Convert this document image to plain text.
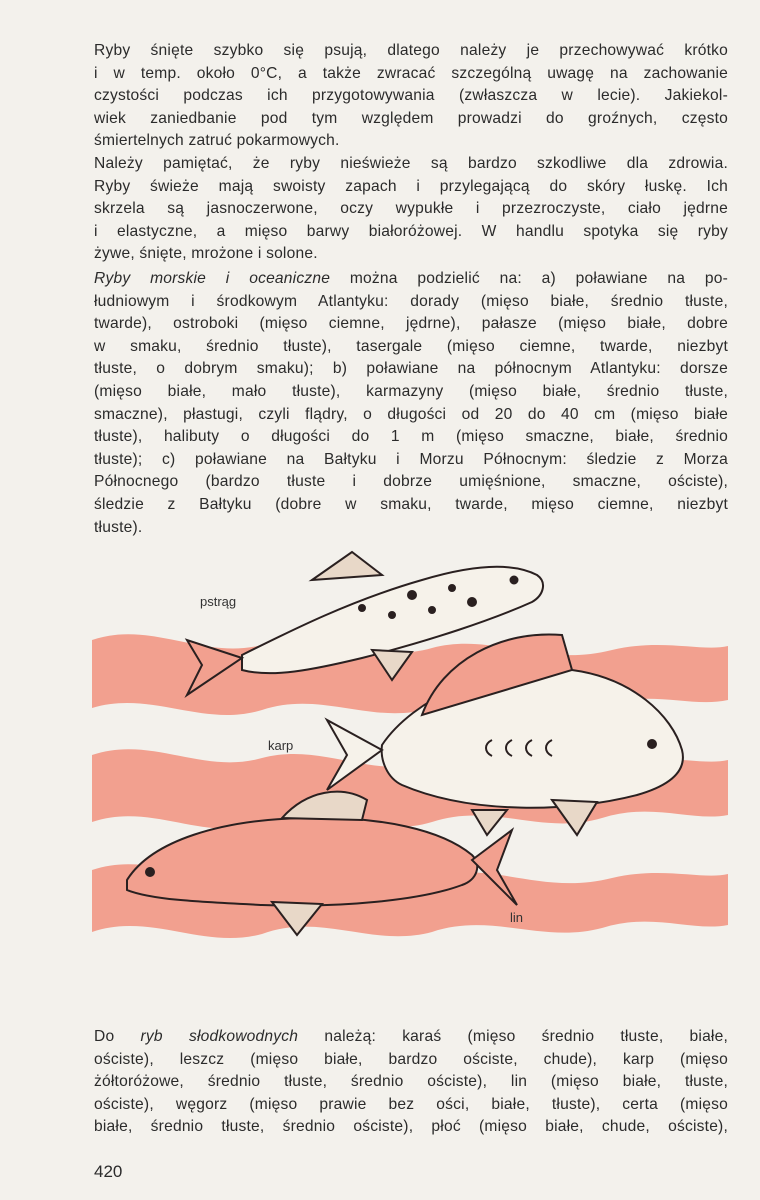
Ryby śnięte szybko się psują, dlatego należy je przechowywać krótko
i w temp. około 0°C, a także zwracać szczególną uwagę na zachowanie
czystości podczas ich przygotowywania (zwłaszcza w lecie). Jakiekol-
wiek zaniedbanie pod tym względem prowadzi do groźnych, często
śmiertelnych zatruć pokarmowych.
Należy pamiętać, że ryby nieświeże są bardzo szkodliwe dla zdrowia.
Ryby świeże mają swoisty zapach i przylegającą do skóry łuskę. Ich
skrzela są jasnoczerwone, oczy wypukłe i przezroczyste, ciało jędrne
i elastyczne, a mięso barwy białoróżowej. W handlu spotyka się ryby
żywe, śnięte, mrożone i solone.

Ryby morskie i oceaniczne można podzielić na: a) poławiane na po-
łudniowym i środkowym Atlantyku: dorady (mięso białe, średnio tłuste,
twarde), ostroboki (mięso ciemne, jędrne), pałasze (mięso białe, dobre
w smaku, średnio tłuste), tasergale (mięso ciemne, twarde, niezbyt
tłuste, o dobrym smaku); b) poławiane na północnym Atlantyku: dorsze
(mięso białe, mało tłuste), karmazyny (mięso białe, średnio tłuste,
smaczne), płastugi, czyli flądry, o długości od 20 do 40 cm (mięso białe
tłuste), halibuty o długości do 1 m (mięso smaczne, białe, średnio
tłuste); c) poławiane na Bałtyku i Morzu Północnym: śledzie z Morza
Północnego (bardzo tłuste i dobrze umięśnione, smaczne, ościste),
śledzie z Bałtyku (dobre w smaku, twarde, mięso ciemne, niezbyt
tłuste).

pstrąg
karp
lin

Do ryb słodkowodnych należą: karaś (mięso średnio tłuste, białe,
ościste), leszcz (mięso białe, bardzo ościste, chude), karp (mięso
żółtoróżowe, średnio tłuste, średnio ościste), lin (mięso białe, tłuste,
ościste), węgorz (mięso prawie bez ości, białe, tłuste), certa (mięso
białe, średnio tłuste, średnio ościste), płoć (mięso białe, chude, ościste),

420
